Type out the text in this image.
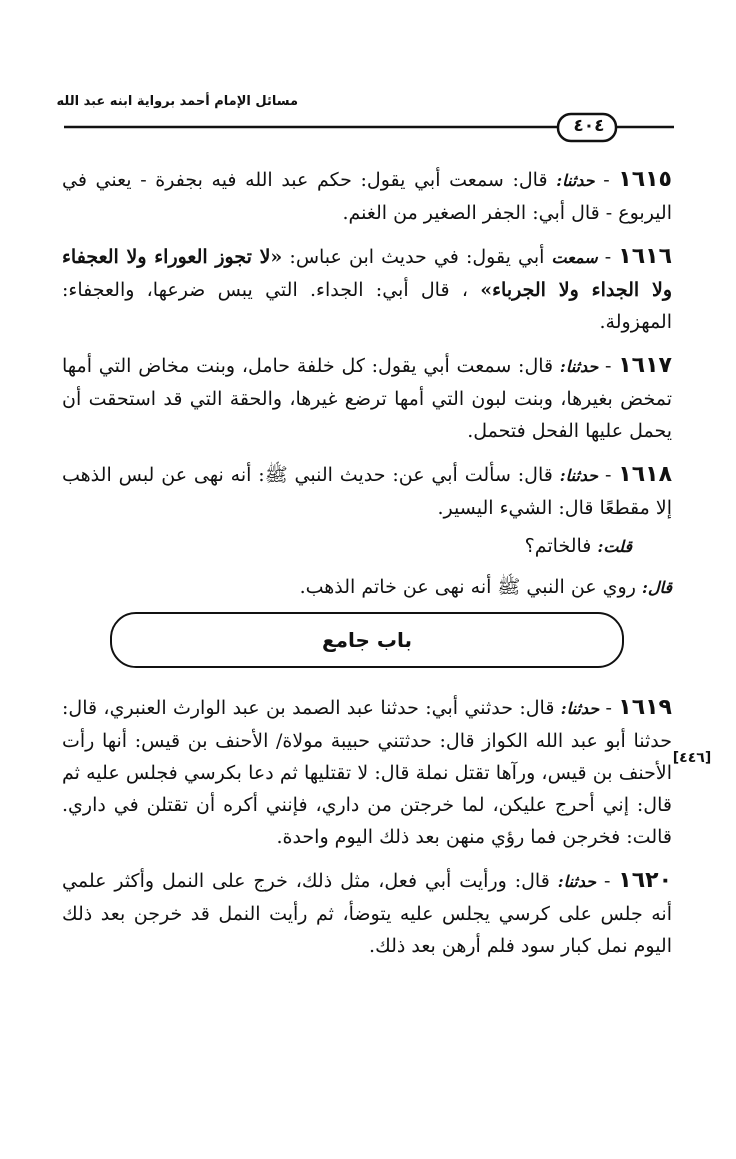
مسائل الإمام أحمد برواية ابنه عبد الله
٤٠٤

١٦١٥ - حدثنا: قال: سمعت أبي يقول: حكم عبد الله فيه بجفرة - يعني في اليربوع - قال أبي: الجفر الصغير من الغنم.

١٦١٦ - سمعت أبي يقول: في حديث ابن عباس: «لا تجوز العوراء ولا العجفاء ولا الجداء ولا الجرباء» ، قال أبي: الجداء. التي يبس ضرعها، والعجفاء: المهزولة.

١٦١٧ - حدثنا: قال: سمعت أبي يقول: كل خلفة حامل، وبنت مخاض التي أمها تمخض بغيرها، وبنت لبون التي أمها ترضع غيرها، والحقة التي قد استحقت أن يحمل عليها الفحل فتحمل.

١٦١٨ - حدثنا: قال: سألت أبي عن: حديث النبي ﷺ: أنه نهى عن لبس الذهب إلا مقطعًا قال: الشيء اليسير.

قلت: فالخاتم؟

قال: روي عن النبي ﷺ أنه نهى عن خاتم الذهب.

باب جامع

١٦١٩ - حدثنا: قال: حدثني أبي: حدثنا عبد الصمد بن عبد الوارث العنبري، قال: حدثنا أبو عبد الله الكواز قال: حدثتني حبيبة مولاة/ الأحنف بن قيس: أنها رأت الأحنف بن قيس، ورآها تقتل نملة قال: لا تقتليها ثم دعا بكرسي فجلس عليه ثم قال: إني أحرج عليكن، لما خرجتن من داري، فإنني أكره أن تقتلن في داري. قالت: فخرجن فما رؤي منهن بعد ذلك اليوم واحدة.

١٦٢٠ - حدثنا: قال: ورأيت أبي فعل، مثل ذلك، خرج على النمل وأكثر علمي أنه جلس على كرسي يجلس عليه يتوضأ، ثم رأيت النمل قد خرجن بعد ذلك اليوم نمل كبار سود فلم أرهن بعد ذلك.

[٤٤٦]
